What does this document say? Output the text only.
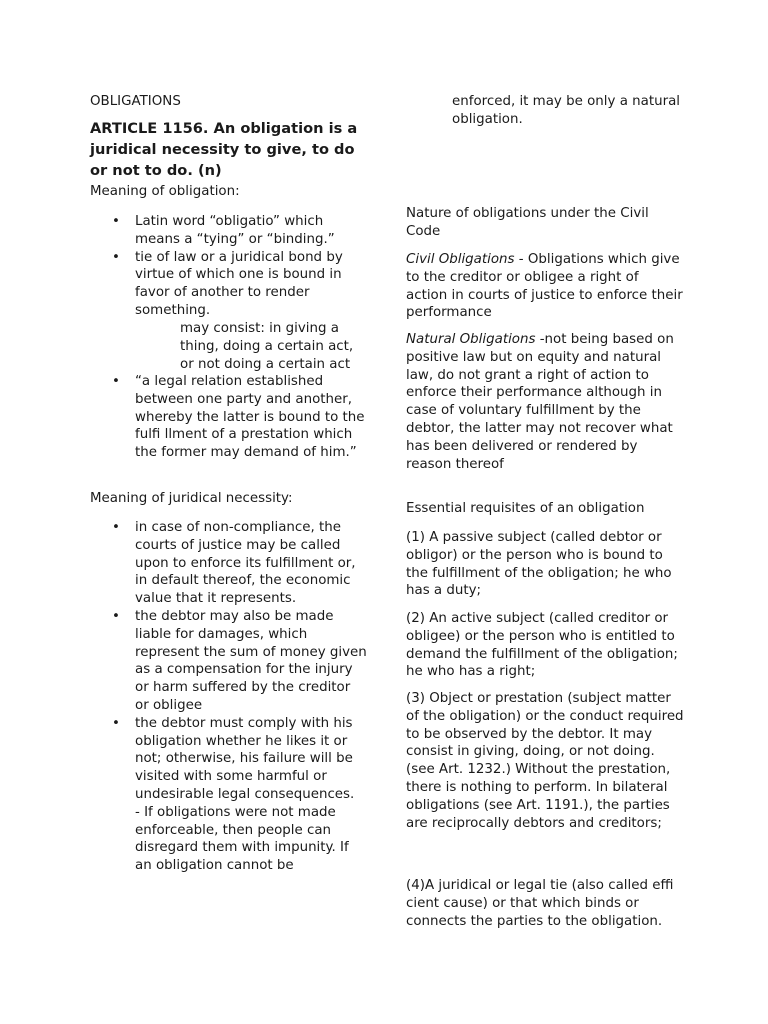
OBLIGATIONS

ARTICLE 1156. An obligation is a juridical necessity to give, to do or not to do. (n)

Meaning of obligation:

• Latin word “obligatio” which means a “tying” or “binding.”
• tie of law or a juridical bond by virtue of which one is bound in favor of another to render something.

may consist: in giving a thing, doing a certain act, or not doing a certain act

• “a legal relation established between one party and another, whereby the latter is bound to the fulfi llment of a prestation which the former may demand of him.”

Meaning of juridical necessity:

• in case of non-compliance, the courts of justice may be called upon to enforce its fulfillment or, in default thereof, the economic value that it represents.
• the debtor may also be made liable for damages, which represent the sum of money given as a compensation for the injury or harm suffered by the creditor or obligee
• the debtor must comply with his obligation whether he likes it or not; otherwise, his failure will be visited with some harmful or undesirable legal consequences.
- If obligations were not made enforceable, then people can disregard them with impunity. If an obligation cannot be

enforced, it may be only a natural obligation.

Nature of obligations under the Civil Code

Civil Obligations - Obligations which give to the creditor or obligee a right of action in courts of justice to enforce their performance

Natural Obligations -not being based on positive law but on equity and natural law, do not grant a right of action to enforce their performance although in case of voluntary fulfillment by the debtor, the latter may not recover what has been delivered or rendered by reason thereof

Essential requisites of an obligation

(1) A passive subject (called debtor or obligor) or the person who is bound to the fulfillment of the obligation; he who has a duty;

(2) An active subject (called creditor or obligee) or the person who is entitled to demand the fulfillment of the obligation; he who has a right;

(3) Object or prestation (subject matter of the obligation) or the conduct required to be observed by the debtor. It may consist in giving, doing, or not doing. (see Art. 1232.) Without the prestation, there is nothing to perform. In bilateral obligations (see Art. 1191.), the parties are reciprocally debtors and creditors;

(4)A juridical or legal tie (also called effi cient cause) or that which binds or connects the parties to the obligation.
